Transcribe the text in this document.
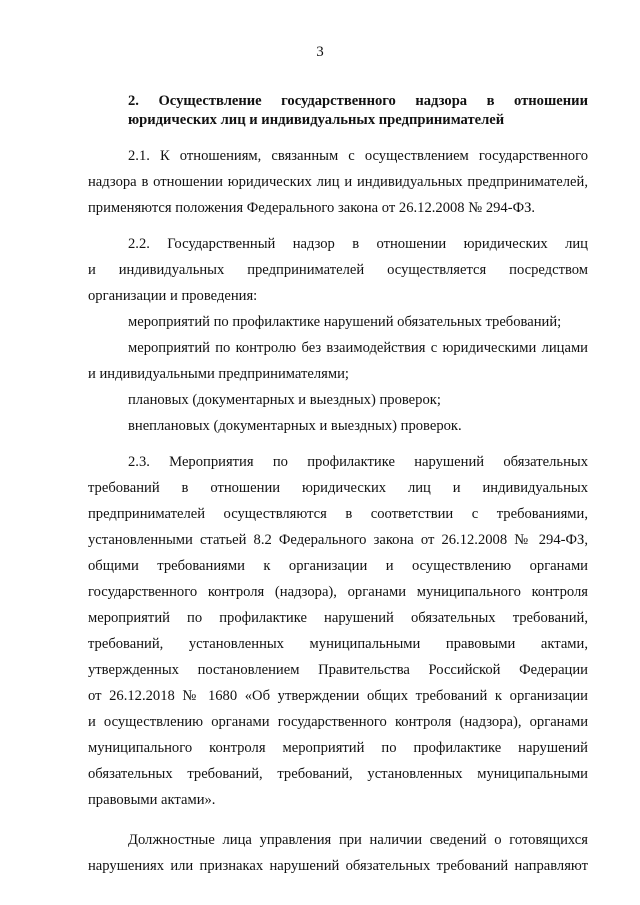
3
2. Осуществление государственного надзора в отношении
юридических лиц и индивидуальных предпринимателей
2.1. К отношениям, связанным с осуществлением государственного
надзора в отношении юридических лиц и индивидуальных предпринимателей,
применяются положения Федерального закона от 26.12.2008 № 294-ФЗ.
2.2. Государственный надзор в отношении юридических лиц
и индивидуальных предпринимателей осуществляется посредством
организации и проведения:
мероприятий по профилактике нарушений обязательных требований;
мероприятий по контролю без взаимодействия с юридическими лицами
и индивидуальными предпринимателями;
плановых (документарных и выездных) проверок;
внеплановых (документарных и выездных) проверок.
2.3. Мероприятия по профилактике нарушений обязательных
требований в отношении юридических лиц и индивидуальных
предпринимателей осуществляются в соответствии с требованиями,
установленными статьей 8.2 Федерального закона от 26.12.2008 № 294-ФЗ,
общими требованиями к организации и осуществлению органами
государственного контроля (надзора), органами муниципального контроля
мероприятий по профилактике нарушений обязательных требований,
требований, установленных муниципальными правовыми актами,
утвержденных постановлением Правительства Российской Федерации
от 26.12.2018 № 1680 «Об утверждении общих требований к организации
и осуществлению органами государственного контроля (надзора), органами
муниципального контроля мероприятий по профилактике нарушений
обязательных требований, требований, установленных муниципальными
правовыми актами».
Должностные лица управления при наличии сведений о готовящихся
нарушениях или признаках нарушений обязательных требований направляют
